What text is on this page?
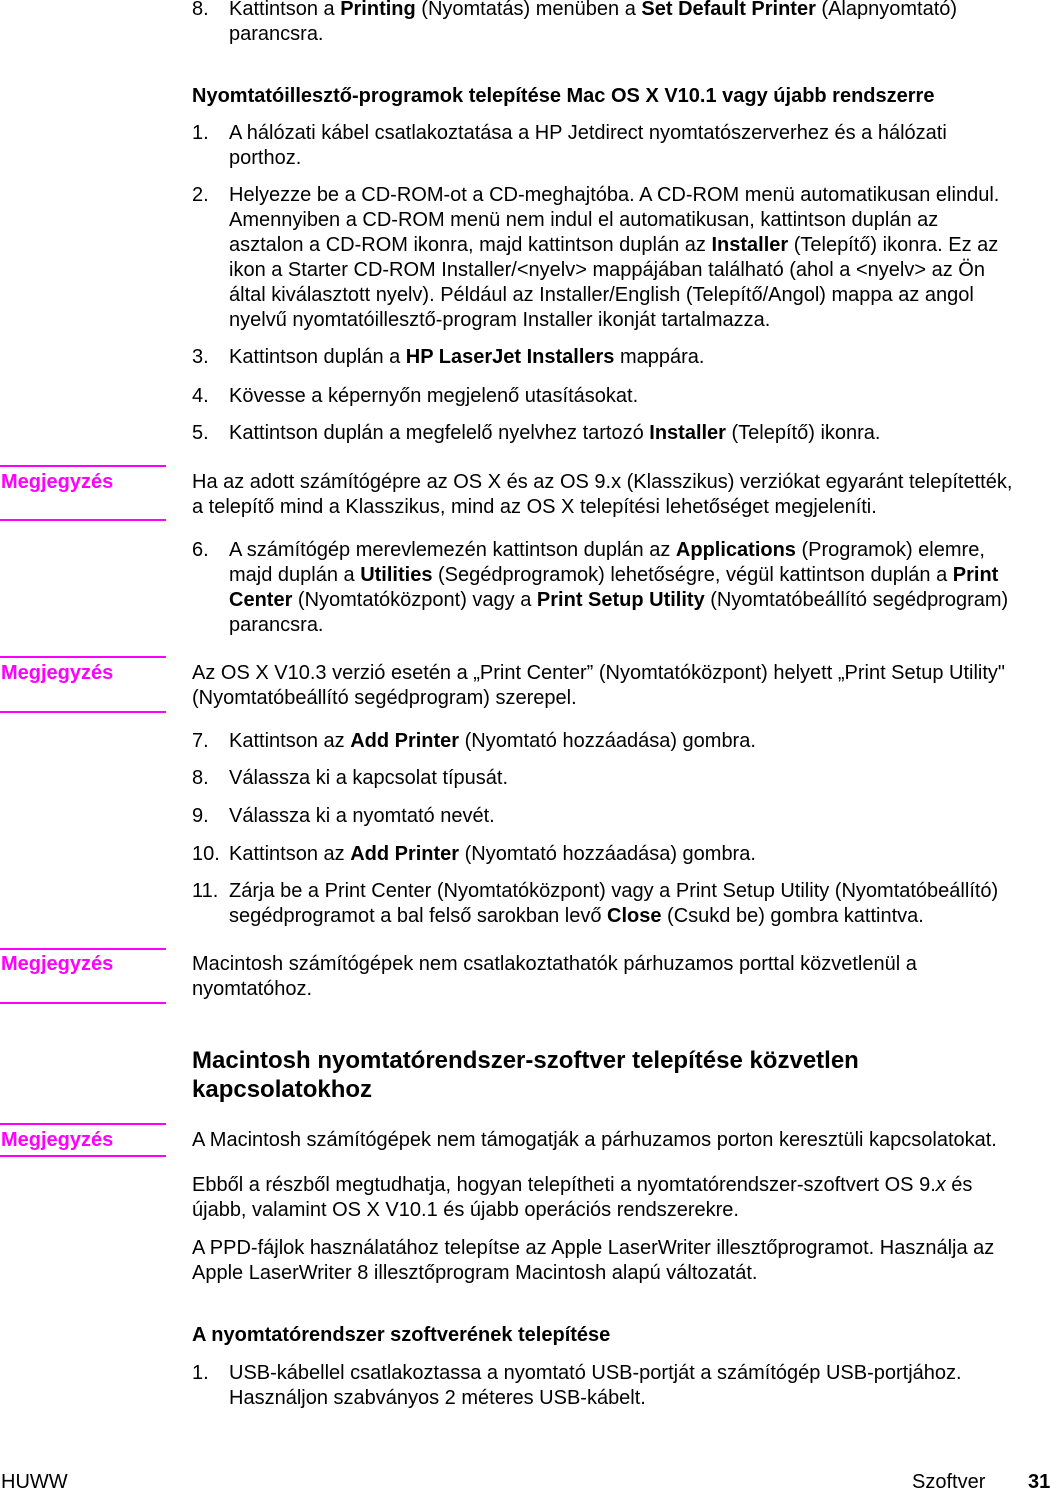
8. Kattintson a Printing (Nyomtatás) menüben a Set Default Printer (Alapnyomtató)
parancsra.
Nyomtatóillesztő-programok telepítése Mac OS X V10.1 vagy újabb rendszerre
1. A hálózati kábel csatlakoztatása a HP Jetdirect nyomtatószerverhez és a hálózati
porthoz.
2. Helyezze be a CD-ROM-ot a CD-meghajtóba. A CD-ROM menü automatikusan elindul.
Amennyiben a CD-ROM menü nem indul el automatikusan, kattintson duplán az
asztalon a CD-ROM ikonra, majd kattintson duplán az Installer (Telepítő) ikonra. Ez az
ikon a Starter CD-ROM Installer/<nyelv> mappájában található (ahol a <nyelv> az Ön
által kiválasztott nyelv). Például az Installer/English (Telepítő/Angol) mappa az angol
nyelvű nyomtatóillesztő-program Installer ikonját tartalmazza.
3. Kattintson duplán a HP LaserJet Installers mappára.
4. Kövesse a képernyőn megjelenő utasításokat.
5. Kattintson duplán a megfelelő nyelvhez tartozó Installer (Telepítő) ikonra.
Megjegyzés	Ha az adott számítógépre az OS X és az OS 9.x (Klasszikus) verziókat egyaránt telepítették,
a telepítő mind a Klasszikus, mind az OS X telepítési lehetőséget megjeleníti.
6. A számítógép merevlemezén kattintson duplán az Applications (Programok) elemre,
majd duplán a Utilities (Segédprogramok) lehetőségre, végül kattintson duplán a Print
Center (Nyomtatóközpont) vagy a Print Setup Utility (Nyomtatóbeállító segédprogram)
parancsra.
Megjegyzés	Az OS X V10.3 verzió esetén a „Print Center” (Nyomtatóközpont) helyett „Print Setup Utility"
(Nyomtatóbeállító segédprogram) szerepel.
7. Kattintson az Add Printer (Nyomtató hozzáadása) gombra.
8. Válassza ki a kapcsolat típusát.
9. Válassza ki a nyomtató nevét.
10. Kattintson az Add Printer (Nyomtató hozzáadása) gombra.
11. Zárja be a Print Center (Nyomtatóközpont) vagy a Print Setup Utility (Nyomtatóbeállító)
segédprogramot a bal felső sarokban levő Close (Csukd be) gombra kattintva.
Megjegyzés	Macintosh számítógépek nem csatlakoztathatók párhuzamos porttal közvetlenül a
nyomtatóhoz.
Macintosh nyomtatórendszer-szoftver telepítése közvetlen
kapcsolatokhoz
Megjegyzés	A Macintosh számítógépek nem támogatják a párhuzamos porton keresztüli kapcsolatokat.
Ebből a részből megtudhatja, hogyan telepítheti a nyomtatórendszer-szoftvert OS 9.x és
újabb, valamint OS X V10.1 és újabb operációs rendszerekre.
A PPD-fájlok használatához telepítse az Apple LaserWriter illesztőprogramot. Használja az
Apple LaserWriter 8 illesztőprogram Macintosh alapú változatát.
A nyomtatórendszer szoftverének telepítése
1. USB-kábellel csatlakoztassa a nyomtató USB-portját a számítógép USB-portjához.
Használjon szabványos 2 méteres USB-kábelt.
HUWW	Szoftver 31
